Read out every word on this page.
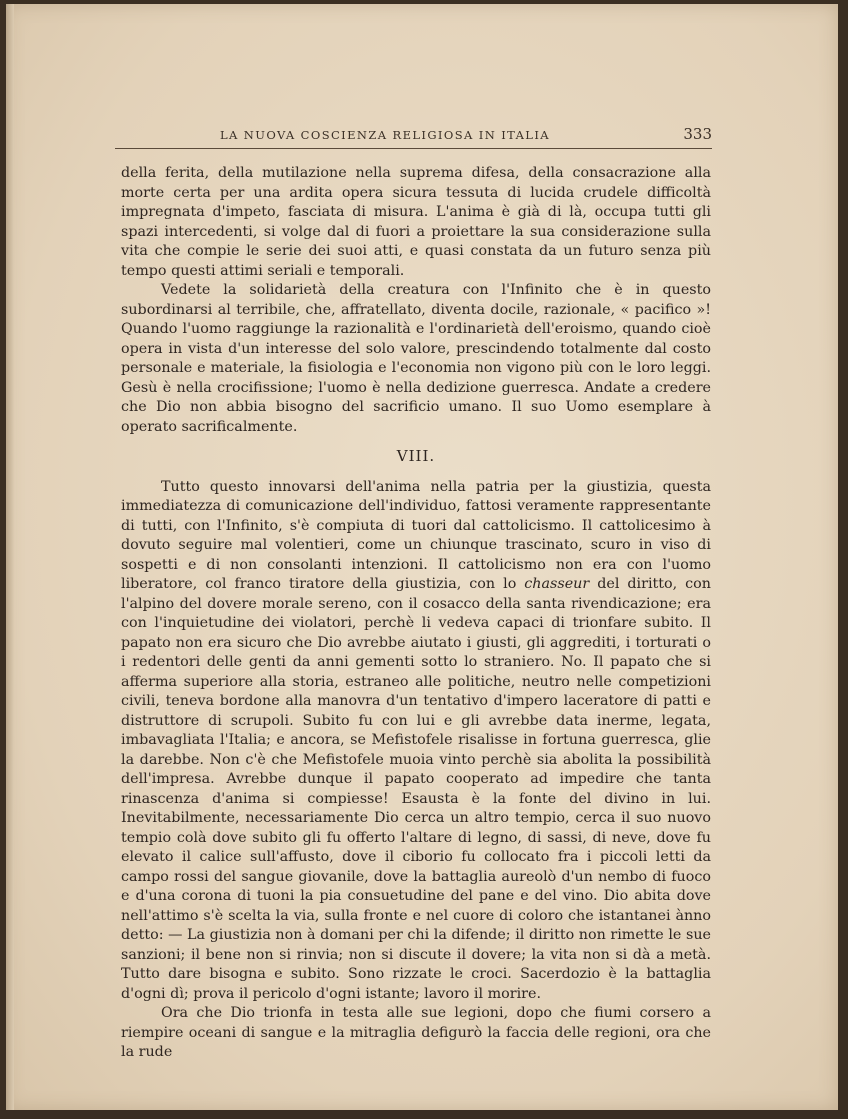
LA NUOVA COSCIENZA RELIGIOSA IN ITALIA	333

della ferita, della mutilazione nella suprema difesa, della consacrazione alla morte certa per una ardita opera sicura tessuta di lucida crudele difficoltà impregnata d'impeto, fasciata di misura. L'anima è già di là, occupa tutti gli spazi intercedenti, si volge dal di fuori a proiettare la sua considerazione sulla vita che compie le serie dei suoi atti, e quasi constata da un futuro senza più tempo questi attimi seriali e temporali.

Vedete la solidarietà della creatura con l'Infinito che è in questo subordinarsi al terribile, che, affratellato, diventa docile, razionale, « pacifico »! Quando l'uomo raggiunge la razionalità e l'ordinarietà dell'eroismo, quando cioè opera in vista d'un interesse del solo valore, prescindendo totalmente dal costo personale e materiale, la fisiologia e l'economia non vigono più con le loro leggi. Gesù è nella crocifissione; l'uomo è nella dedizione guerresca. Andate a credere che Dio non abbia bisogno del sacrificio umano. Il suo Uomo esemplare à operato sacrificalmente.

VIII.

Tutto questo innovarsi dell'anima nella patria per la giustizia, questa immediatezza di comunicazione dell'individuo, fattosi veramente rappresentante di tutti, con l'Infinito, s'è compiuta di tuori dal cattolicismo. Il cattolicesimo à dovuto seguire mal volentieri, come un chiunque trascinato, scuro in viso di sospetti e di non consolanti intenzioni. Il cattolicismo non era con l'uomo liberatore, col franco tiratore della giustizia, con lo chasseur del diritto, con l'alpino del dovere morale sereno, con il cosacco della santa rivendicazione; era con l'inquietudine dei violatori, perchè li vedeva capaci di trionfare subito. Il papato non era sicuro che Dio avrebbe aiutato i giusti, gli aggrediti, i torturati o i redentori delle genti da anni gementi sotto lo straniero. No. Il papato che si afferma superiore alla storia, estraneo alle politiche, neutro nelle competizioni civili, teneva bordone alla manovra d'un tentativo d'impero laceratore di patti e distruttore di scrupoli. Subito fu con lui e gli avrebbe data inerme, legata, imbavagliata l'Italia; e ancora, se Mefistofele risalisse in fortuna guerresca, glie la darebbe. Non c'è che Mefistofele muoia vinto perchè sia abolita la possibilità dell'impresa. Avrebbe dunque il papato cooperato ad impedire che tanta rinascenza d'anima si compiesse! Esausta è la fonte del divino in lui. Inevitabilmente, necessariamente Dio cerca un altro tempio, cerca il suo nuovo tempio colà dove subito gli fu offerto l'altare di legno, di sassi, di neve, dove fu elevato il calice sull'affusto, dove il ciborio fu collocato fra i piccoli letti da campo rossi del sangue giovanile, dove la battaglia aureolò d'un nembo di fuoco e d'una corona di tuoni la pia consuetudine del pane e del vino. Dio abita dove nell'attimo s'è scelta la via, sulla fronte e nel cuore di coloro che istantanei ànno detto: — La giustizia non à domani per chi la difende; il diritto non rimette le sue sanzioni; il bene non si rinvia; non si discute il dovere; la vita non si dà a metà. Tutto dare bisogna e subito. Sono rizzate le croci. Sacerdozio è la battaglia d'ogni dì; prova il pericolo d'ogni istante; lavoro il morire.

Ora che Dio trionfa in testa alle sue legioni, dopo che fiumi corsero a riempire oceani di sangue e la mitraglia defigurò la faccia delle regioni, ora che la rude
